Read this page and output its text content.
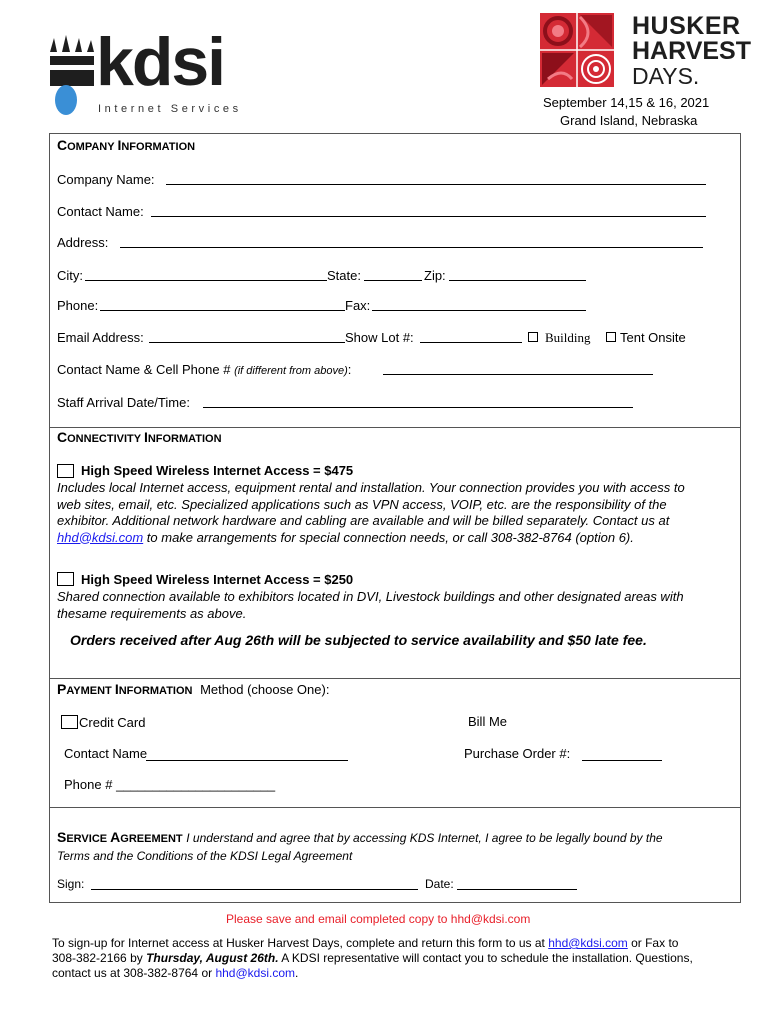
kdsi
Internet Services
HUSKER
HARVEST
DAYS.
September 14,15 & 16, 2021
Grand Island, Nebraska
COMPANY INFORMATION
Company Name:
Contact Name:
Address:
City:	State:	Zip:
Phone:	Fax:
Email Address:	Show Lot #:	Building Tent Onsite
Contact Name & Cell Phone # (if different from above):
Staff Arrival Date/Time:
CONNECTIVITY INFORMATION
High Speed Wireless Internet Access = $475
Includes local Internet access, equipment rental and installation. Your connection provides you with access to
web sites, email, etc. Specialized applications such as VPN access, VOIP, etc. are the responsibility of the
exhibitor. Additional network hardware and cabling are available and will be billed separately. Contact us at
hhd@kdsi.com to make arrangements for special connection needs, or call 308-382-8764 (option 6).
High Speed Wireless Internet Access = $250
Shared connection available to exhibitors located in DVI, Livestock buildings and other designated areas with
thesame requirements as above.
Orders received after Aug 26th will be subjected to service availability and $50 late fee.
PAYMENT INFORMATION Method (choose One):
Credit Card	Bill Me
Contact Name	Purchase Order #:
Phone # ______________________
SERVICE AGREEMENT I understand and agree that by accessing KDS Internet, I agree to be legally bound by the
Terms and the Conditions of the KDSI Legal Agreement
Sign:	Date:
Please save and email completed copy to hhd@kdsi.com
To sign-up for Internet access at Husker Harvest Days, complete and return this form to us at hhd@kdsi.com or Fax to
308-382-2166 by Thursday, August 26th. A KDSI representative will contact you to schedule the installation. Questions,
contact us at 308-382-8764 or hhd@kdsi.com.
